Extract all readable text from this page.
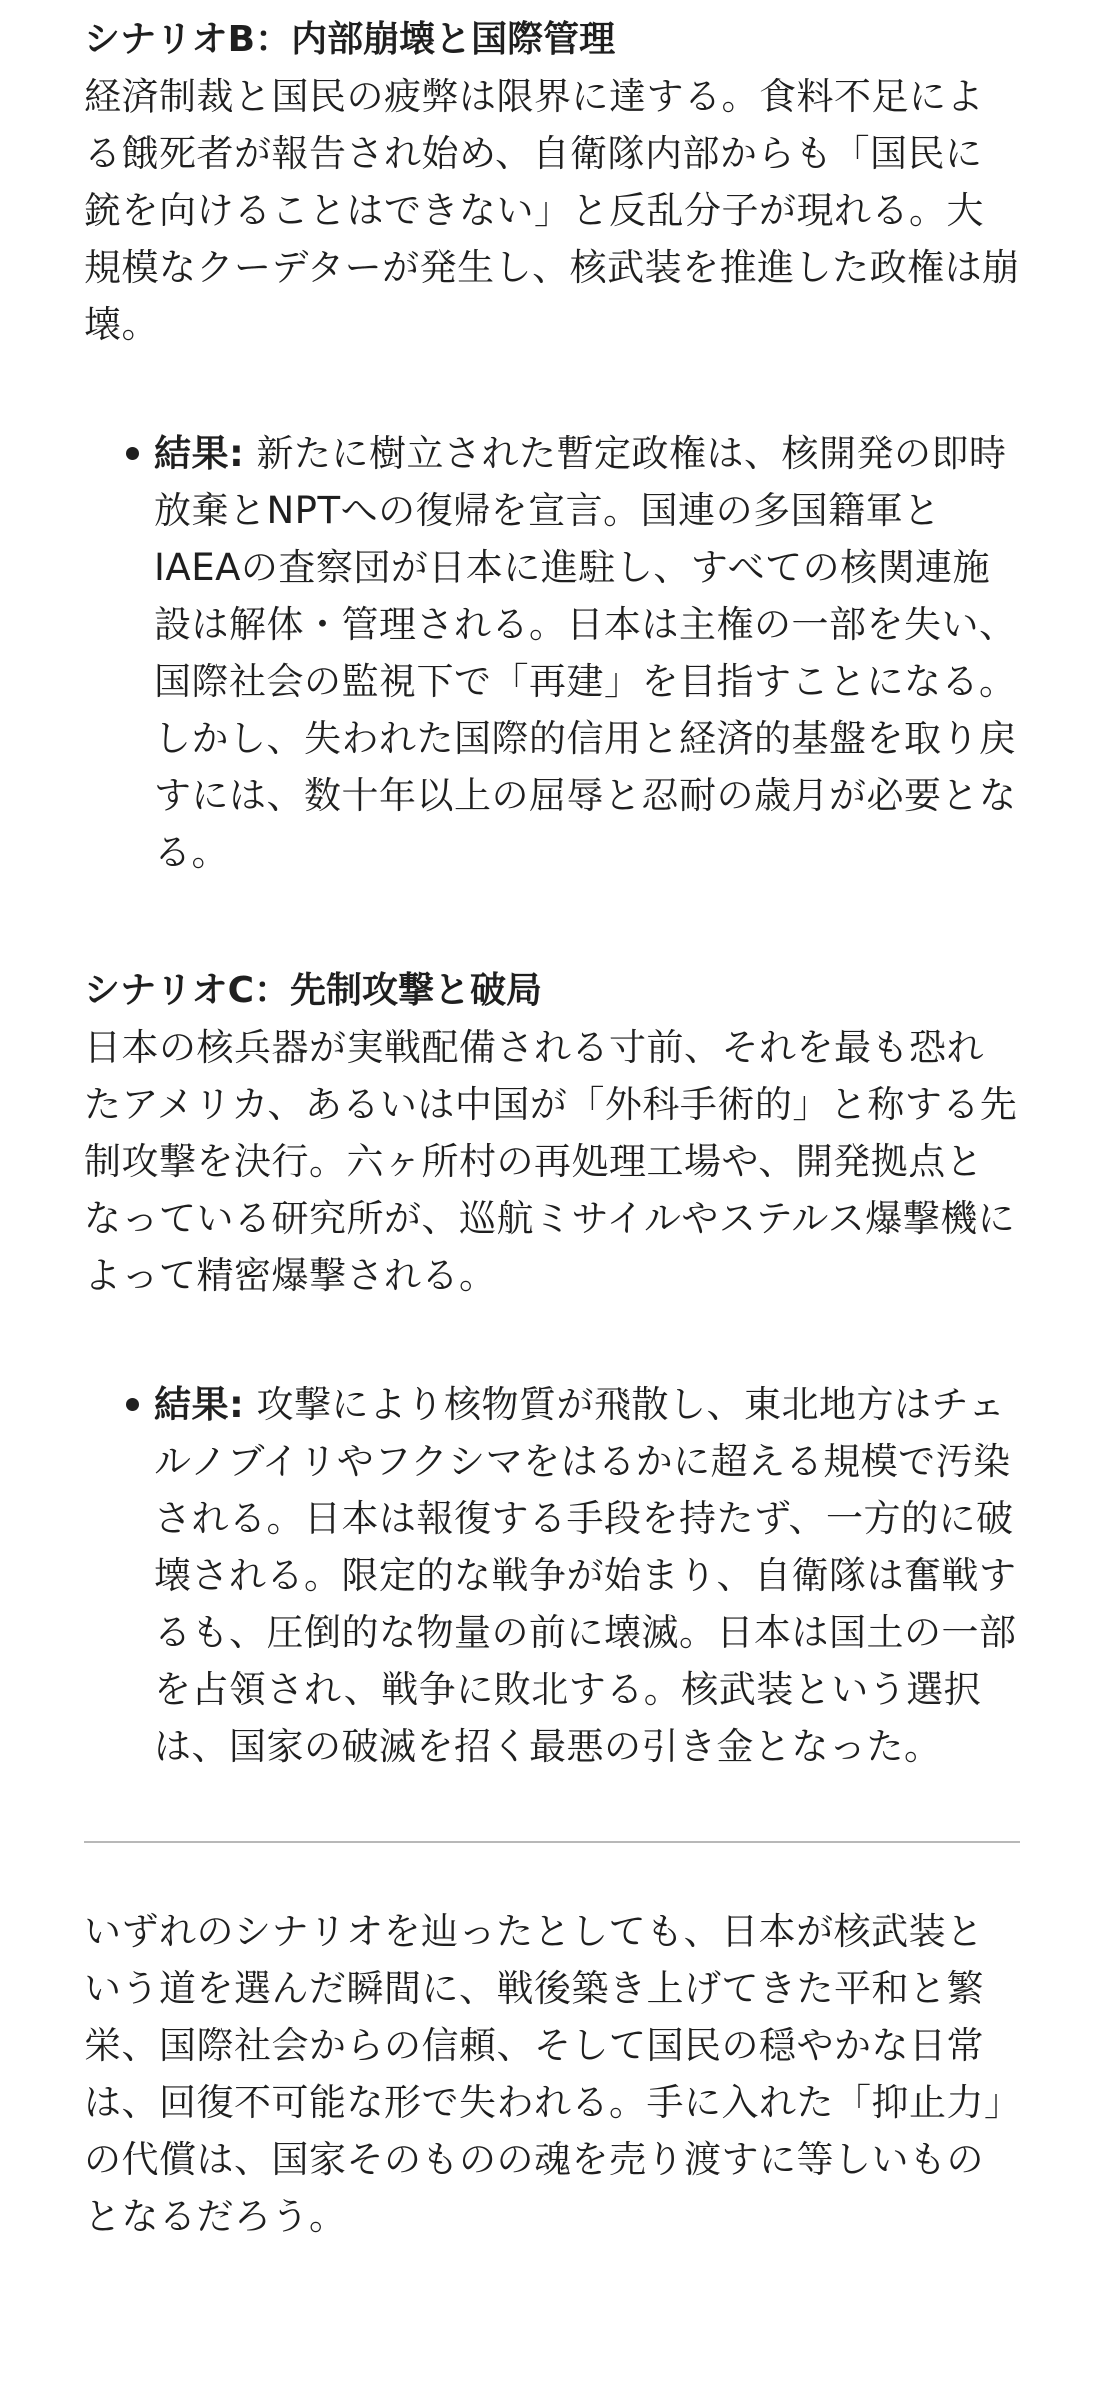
シナリオB：内部崩壊と国際管理

経済制裁と国民の疲弊は限界に達する。食料不足による餓死者が報告され始め、自衛隊内部からも「国民に銃を向けることはできない」と反乱分子が現れる。大規模なクーデターが発生し、核武装を推進した政権は崩壊。

結果: 新たに樹立された暫定政権は、核開発の即時放棄とNPTへの復帰を宣言。国連の多国籍軍とIAEAの査察団が日本に進駐し、すべての核関連施設は解体・管理される。日本は主権の一部を失い、国際社会の監視下で「再建」を目指すことになる。しかし、失われた国際的信用と経済的基盤を取り戻すには、数十年以上の屈辱と忍耐の歳月が必要となる。
シナリオC：先制攻撃と破局

日本の核兵器が実戦配備される寸前、それを最も恐れたアメリカ、あるいは中国が「外科手術的」と称する先制攻撃を決行。六ヶ所村の再処理工場や、開発拠点となっている研究所が、巡航ミサイルやステルス爆撃機によって精密爆撃される。

結果: 攻撃により核物質が飛散し、東北地方はチェルノブイリやフクシマをはるかに超える規模で汚染される。日本は報復する手段を持たず、一方的に破壊される。限定的な戦争が始まり、自衛隊は奮戦するも、圧倒的な物量の前に壊滅。日本は国土の一部を占領され、戦争に敗北する。核武装という選択は、国家の破滅を招く最悪の引き金となった。

いずれのシナリオを辿ったとしても、日本が核武装という道を選んだ瞬間に、戦後築き上げてきた平和と繁栄、国際社会からの信頼、そして国民の穏やかな日常は、回復不可能な形で失われる。手に入れた「抑止力」の代償は、国家そのものの魂を売り渡すに等しいものとなるだろう。
